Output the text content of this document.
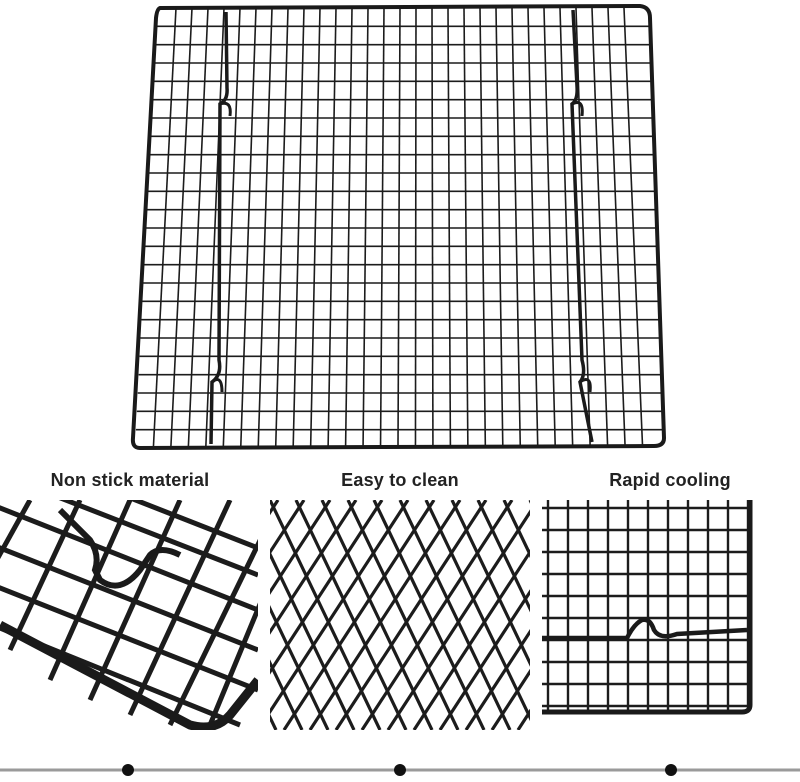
Non stick material	Easy to clean	Rapid cooling
